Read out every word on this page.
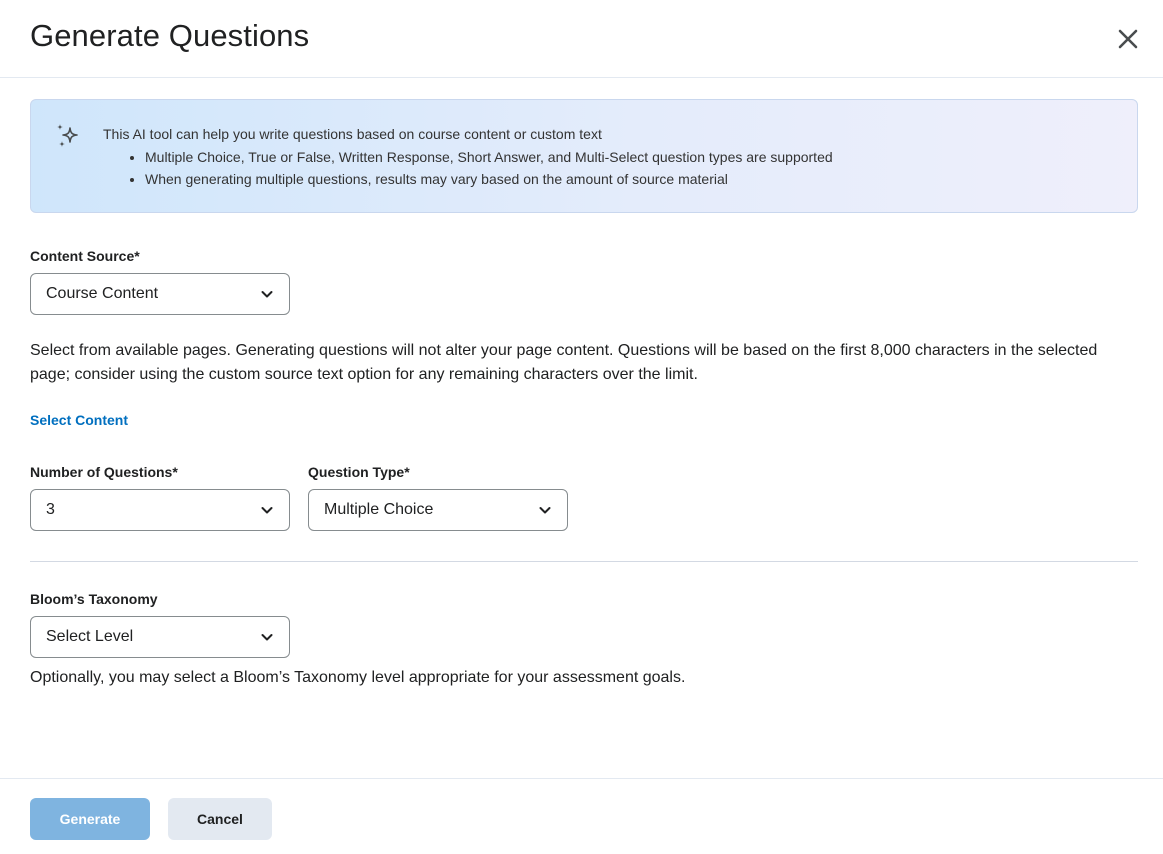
Generate Questions
This AI tool can help you write questions based on course content or custom text
• Multiple Choice, True or False, Written Response, Short Answer, and Multi-Select question types are supported
• When generating multiple questions, results may vary based on the amount of source material
Content Source*
Course Content
Select from available pages. Generating questions will not alter your page content. Questions will be based on the first 8,000 characters in the selected page; consider using the custom source text option for any remaining characters over the limit.
Select Content
Number of Questions*
3
Question Type*
Multiple Choice
Bloom’s Taxonomy
Select Level
Optionally, you may select a Bloom’s Taxonomy level appropriate for your assessment goals.
Generate	Cancel
